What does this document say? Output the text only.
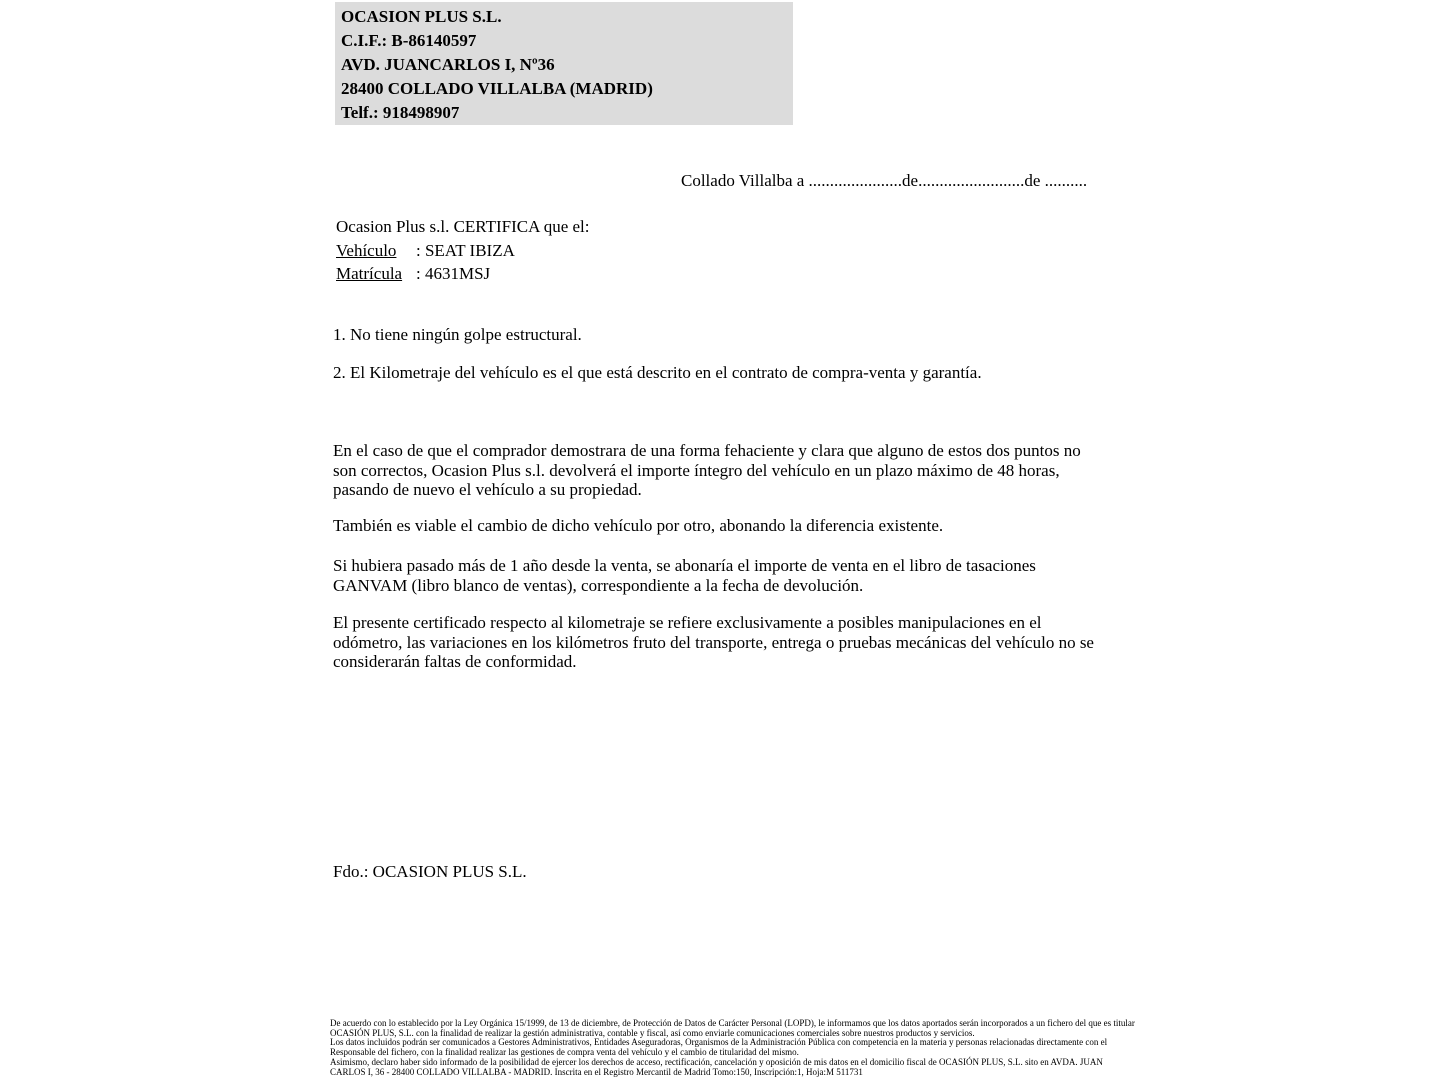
OCASION PLUS S.L.
C.I.F.: B-86140597
AVD. JUANCARLOS I, Nº36
28400 COLLADO VILLALBA (MADRID)
Telf.: 918498907
Collado Villalba a ......................de.........................de ..........
Ocasion Plus s.l. CERTIFICA que el:
Vehículo : SEAT IBIZA
Matrícula : 4631MSJ
1. No tiene ningún golpe estructural.
2. El Kilometraje del vehículo es el que está descrito en el contrato de compra-venta y garantía.
En el caso de que el comprador demostrara de una forma fehaciente y clara que alguno de estos dos puntos no son correctos, Ocasion Plus s.l. devolverá el importe íntegro del vehículo en un plazo máximo de 48 horas, pasando de nuevo el vehículo a su propiedad.
También es viable el cambio de dicho vehículo por otro, abonando la diferencia existente.
Si hubiera pasado más de 1 año desde la venta, se abonaría el importe de venta en el libro de tasaciones GANVAM (libro blanco de ventas), correspondiente a la fecha de devolución.
El presente certificado respecto al kilometraje se refiere exclusivamente a posibles manipulaciones en el odómetro, las variaciones en los kilómetros fruto del transporte, entrega o pruebas mecánicas del vehículo no se considerarán faltas de conformidad.
Fdo.: OCASION PLUS S.L.
De acuerdo con lo establecido por la Ley Orgánica 15/1999, de 13 de diciembre, de Protección de Datos de Carácter Personal (LOPD), le informamos que los datos aportados serán incorporados a un fichero del que es titular
OCASIÓN PLUS, S.L. con la finalidad de realizar la gestión administrativa, contable y fiscal, así como enviarle comunicaciones comerciales sobre nuestros productos y servicios.
Los datos incluidos podrán ser comunicados a Gestores Administrativos, Entidades Aseguradoras, Organismos de la Administración Pública con competencia en la materia y personas relacionadas directamente con el
Responsable del fichero, con la finalidad realizar las gestiones de compra venta del vehículo y el cambio de titularidad del mismo.
Asimismo, declaro haber sido informado de la posibilidad de ejercer los derechos de acceso, rectificación, cancelación y oposición de mis datos en el domicilio fiscal de OCASIÓN PLUS, S.L. sito en AVDA. JUAN
CARLOS I, 36 - 28400 COLLADO VILLALBA - MADRID. Inscrita en el Registro Mercantil de Madrid Tomo:150, Inscripción:1, Hoja:M 511731
